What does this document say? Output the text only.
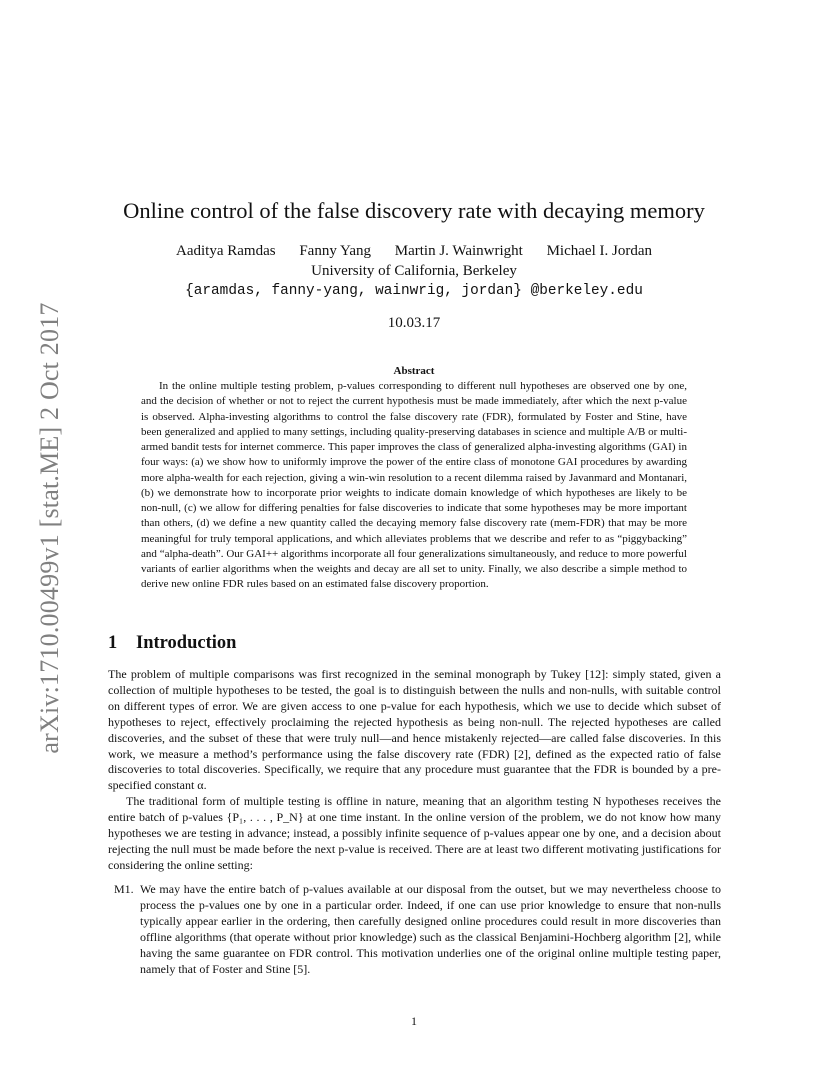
arXiv:1710.00499v1 [stat.ME] 2 Oct 2017
Online control of the false discovery rate with decaying memory
Aaditya Ramdas Fanny Yang Martin J. Wainwright Michael I. Jordan
University of California, Berkeley
{aramdas, fanny-yang, wainwrig, jordan} @berkeley.edu
10.03.17
Abstract
In the online multiple testing problem, p-values corresponding to different null hypotheses are observed one by one, and the decision of whether or not to reject the current hypothesis must be made immediately, after which the next p-value is observed. Alpha-investing algorithms to control the false discovery rate (FDR), formulated by Foster and Stine, have been generalized and applied to many settings, including quality-preserving databases in science and multiple A/B or multi-armed bandit tests for internet commerce. This paper improves the class of generalized alpha-investing algorithms (GAI) in four ways: (a) we show how to uniformly improve the power of the entire class of monotone GAI procedures by awarding more alpha-wealth for each rejection, giving a win-win resolution to a recent dilemma raised by Javanmard and Montanari, (b) we demonstrate how to incorporate prior weights to indicate domain knowledge of which hypotheses are likely to be non-null, (c) we allow for differing penalties for false discoveries to indicate that some hypotheses may be more important than others, (d) we define a new quantity called the decaying memory false discovery rate (mem-FDR) that may be more meaningful for truly temporal applications, and which alleviates problems that we describe and refer to as “piggybacking” and “alpha-death”. Our GAI++ algorithms incorporate all four generalizations simultaneously, and reduce to more powerful variants of earlier algorithms when the weights and decay are all set to unity. Finally, we also describe a simple method to derive new online FDR rules based on an estimated false discovery proportion.
1 Introduction

The problem of multiple comparisons was first recognized in the seminal monograph by Tukey [12]: simply stated, given a collection of multiple hypotheses to be tested, the goal is to distinguish between the nulls and non-nulls, with suitable control on different types of error. We are given access to one p-value for each hypothesis, which we use to decide which subset of hypotheses to reject, effectively proclaiming the rejected hypothesis as being non-null. The rejected hypotheses are called discoveries, and the subset of these that were truly null—and hence mistakenly rejected—are called false discoveries. In this work, we measure a method’s performance using the false discovery rate (FDR) [2], defined as the expected ratio of false discoveries to total discoveries. Specifically, we require that any procedure must guarantee that the FDR is bounded by a pre-specified constant α.

The traditional form of multiple testing is offline in nature, meaning that an algorithm testing N hypotheses receives the entire batch of p-values {P₁, . . . , P_N} at one time instant. In the online version of the problem, we do not know how many hypotheses we are testing in advance; instead, a possibly infinite sequence of p-values appear one by one, and a decision about rejecting the null must be made before the next p-value is received. There are at least two different motivating justifications for considering the online setting:

M1. We may have the entire batch of p-values available at our disposal from the outset, but we may nevertheless choose to process the p-values one by one in a particular order. Indeed, if one can use prior knowledge to ensure that non-nulls typically appear earlier in the ordering, then carefully designed online procedures could result in more discoveries than offline algorithms (that operate without prior knowledge) such as the classical Benjamini-Hochberg algorithm [2], while having the same guarantee on FDR control. This motivation underlies one of the original online multiple testing paper, namely that of Foster and Stine [5].
1
